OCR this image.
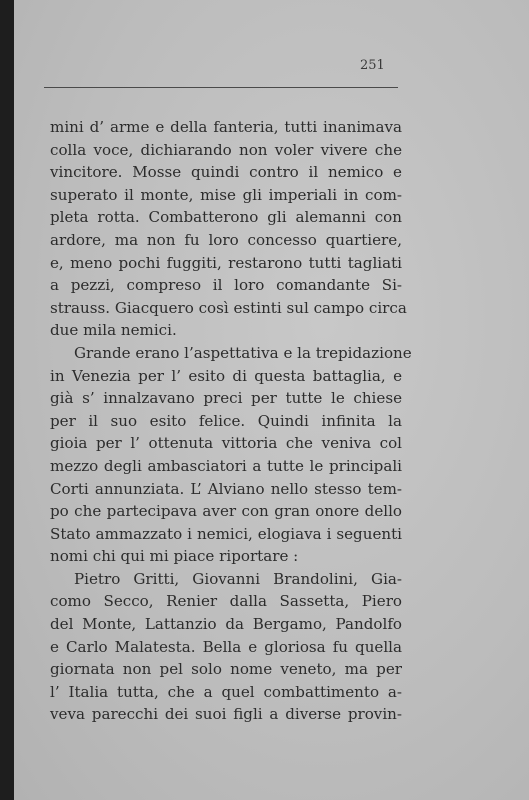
251
mini d’ arme e della fanteria, tutti inanimava
colla voce, dichiarando non voler vivere che
vincitore. Mosse quindi contro il nemico e
superato il monte, mise gli imperiali in com-
pleta rotta. Combatterono gli alemanni con
ardore, ma non fu loro concesso quartiere,
e, meno pochi fuggiti, restarono tutti tagliati
a pezzi, compreso il loro comandante Si-
strauss. Giacquero così estinti sul campo circa
due mila nemici.
Grande erano l’aspettativa e la trepidazione
in Venezia per l’ esito di questa battaglia, e
già s’ innalzavano preci per tutte le chiese
per il suo esito felice. Quindi infinita la
gioia per l’ ottenuta vittoria che veniva col
mezzo degli ambasciatori a tutte le principali
Corti annunziata. L’ Alviano nello stesso tem-
po che partecipava aver con gran onore dello
Stato ammazzato i nemici, elogiava i seguenti
nomi chi qui mi piace riportare :
Pietro Gritti, Giovanni Brandolini, Gia-
como Secco, Renier dalla Sassetta, Piero
del Monte, Lattanzio da Bergamo, Pandolfo
e Carlo Malatesta. Bella e gloriosa fu quella
giornata non pel solo nome veneto, ma per
l’ Italia tutta, che a quel combattimento a-
veva parecchi dei suoi figli a diverse provin-
